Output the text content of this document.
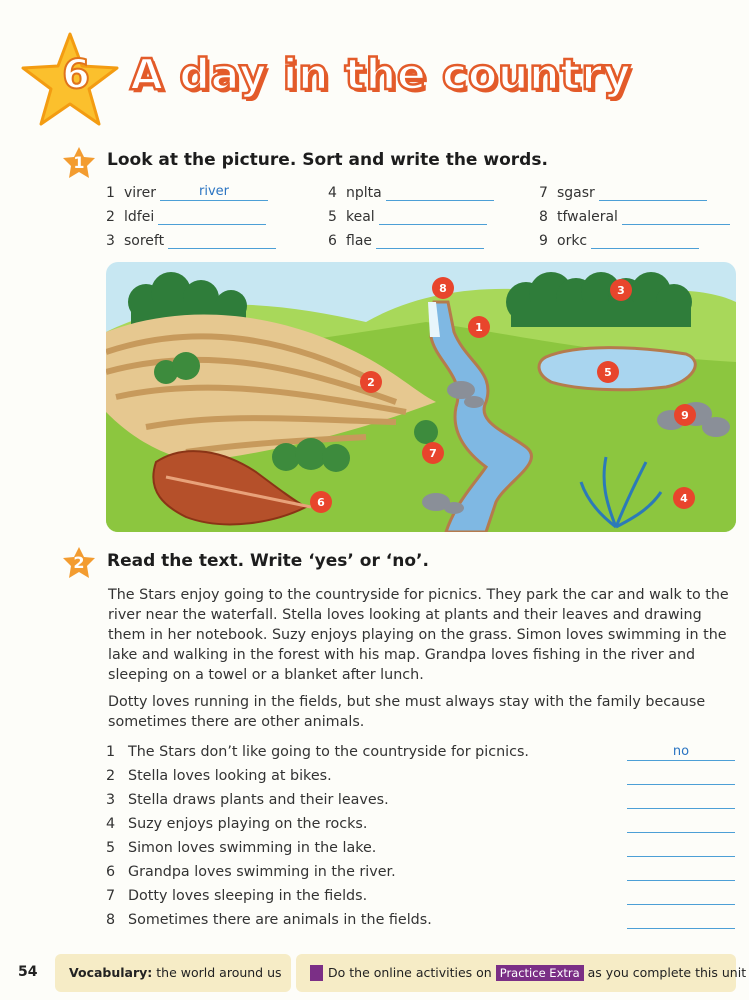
6 A day in the country
1	Look at the picture. Sort and write the words.
1 virer	river
2 ldfei
3 soreft
4 nplta
5 keal
6 flae
7 sgasr
8 tfwaleral
9 orkc
1
2
3
4
5
6
7
8
9
2	Read the text. Write ‘yes’ or ‘no’.
The Stars enjoy going to the countryside for picnics. They park the car and walk to the river near the waterfall. Stella loves looking at plants and their leaves and drawing them in her notebook. Suzy enjoys playing on the grass. Simon loves swimming in the lake and walking in the forest with his map. Grandpa loves fishing in the river and sleeping on a towel or a blanket after lunch.
Dotty loves running in the fields, but she must always stay with the family because sometimes there are other animals.
1 The Stars don’t like going to the countryside for picnics.	no
2 Stella loves looking at bikes.
3 Stella draws plants and their leaves.
4 Suzy enjoys playing on the rocks.
5 Simon loves swimming in the lake.
6 Grandpa loves swimming in the river.
7 Dotty loves sleeping in the fields.
8 Sometimes there are animals in the fields.
54	Vocabulary: the world around us	Do the online activities on Practice Extra as you complete this unit
